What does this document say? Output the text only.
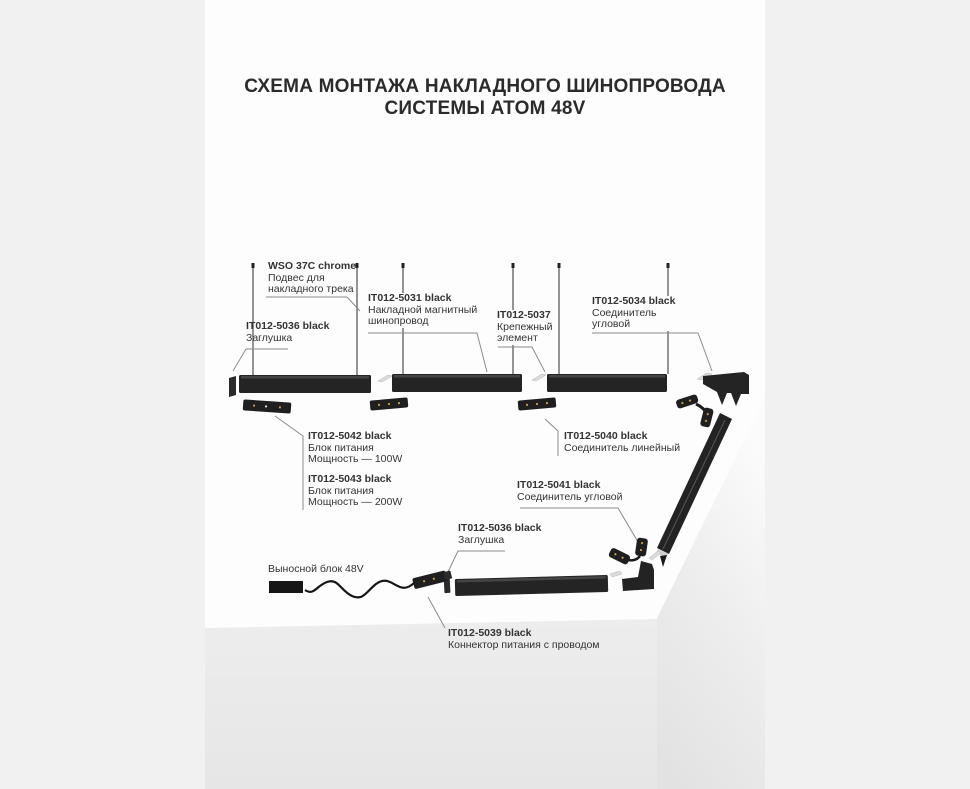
СХЕМА МОНТАЖА НАКЛАДНОГО ШИНОПРОВОДА
СИСТЕМЫ ATOM 48V
WSO 37C chrome
Подвес для
накладного трека
IT012-5036 black
Заглушка
IT012-5031 black
Накладной магнитный
шинопровод	IT012-5037
Крепежный
элемент
IT012-5034 black
Соединитель
угловой
IT012-5042 black
Блок питания
Мощность — 100W
IT012-5043 black
Блок питания
Мощность — 200W
IT012-5040 black
Соединитель линейный
IT012-5041 black
Соединитель угловой
IT012-5036 black
Заглушка
Выносной блок 48V
IT012-5039 black
Коннектор питания с проводом
